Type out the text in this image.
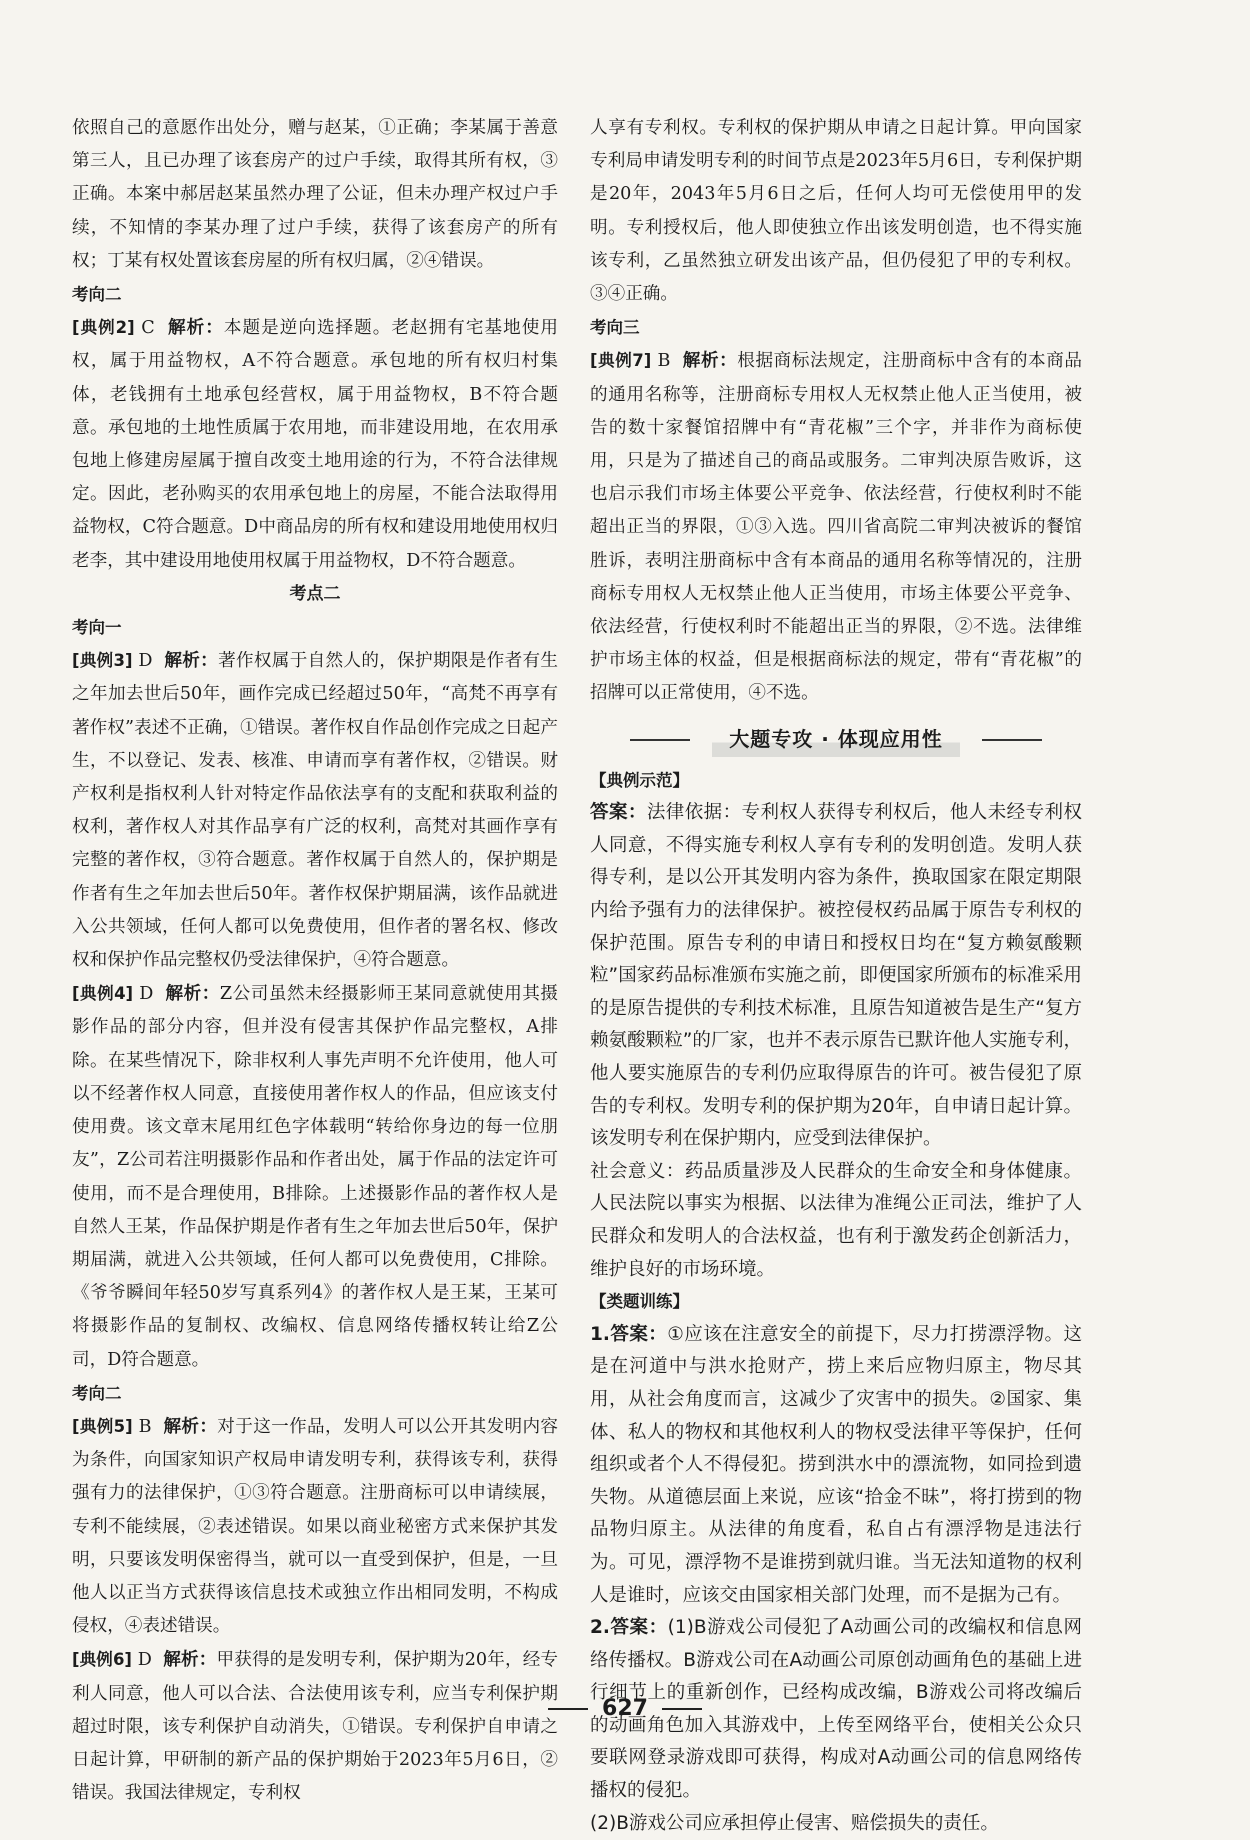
依照自己的意愿作出处分，赠与赵某，①正确；李某属于善意第三人，且已办理了该套房产的过户手续，取得其所有权，③正确。本案中郝居赵某虽然办理了公证，但未办理产权过户手续，不知情的李某办理了过户手续，获得了该套房产的所有权；丁某有权处置该套房屋的所有权归属，②④错误。

考向二

[典例2] C 解析：本题是逆向选择题。老赵拥有宅基地使用权，属于用益物权，A不符合题意。承包地的所有权归村集体，老钱拥有土地承包经营权，属于用益物权，B不符合题意。承包地的土地性质属于农用地，而非建设用地，在农用承包地上修建房屋属于擅自改变土地用途的行为，不符合法律规定。因此，老孙购买的农用承包地上的房屋，不能合法取得用益物权，C符合题意。D中商品房的所有权和建设用地使用权归老李，其中建设用地使用权属于用益物权，D不符合题意。

考点二

考向一

[典例3] D 解析：著作权属于自然人的，保护期限是作者有生之年加去世后50年，画作完成已经超过50年，“高梵不再享有著作权”表述不正确，①错误。著作权自作品创作完成之日起产生，不以登记、发表、核准、申请而享有著作权，②错误。财产权利是指权利人针对特定作品依法享有的支配和获取利益的权利，著作权人对其作品享有广泛的权利，高梵对其画作享有完整的著作权，③符合题意。著作权属于自然人的，保护期是作者有生之年加去世后50年。著作权保护期届满，该作品就进入公共领域，任何人都可以免费使用，但作者的署名权、修改权和保护作品完整权仍受法律保护，④符合题意。

[典例4] D 解析：Z公司虽然未经摄影师王某同意就使用其摄影作品的部分内容，但并没有侵害其保护作品完整权，A排除。在某些情况下，除非权利人事先声明不允许使用，他人可以不经著作权人同意，直接使用著作权人的作品，但应该支付使用费。该文章末尾用红色字体载明“转给你身边的每一位朋友”，Z公司若注明摄影作品和作者出处，属于作品的法定许可使用，而不是合理使用，B排除。上述摄影作品的著作权人是自然人王某，作品保护期是作者有生之年加去世后50年，保护期届满，就进入公共领域，任何人都可以免费使用，C排除。《爷爷瞬间年轻50岁写真系列4》的著作权人是王某，王某可将摄影作品的复制权、改编权、信息网络传播权转让给Z公司，D符合题意。

考向二

[典例5] B 解析：对于这一作品，发明人可以公开其发明内容为条件，向国家知识产权局申请发明专利，获得该专利，获得强有力的法律保护，①③符合题意。注册商标可以申请续展，专利不能续展，②表述错误。如果以商业秘密方式来保护其发明，只要该发明保密得当，就可以一直受到保护，但是，一旦他人以正当方式获得该信息技术或独立作出相同发明，不构成侵权，④表述错误。

[典例6] D 解析：甲获得的是发明专利，保护期为20年，经专利人同意，他人可以合法、合法使用该专利，应当专利保护期超过时限，该专利保护自动消失，①错误。专利保护自申请之日起计算，甲研制的新产品的保护期始于2023年5月6日，②错误。我国法律规定，专利权

人享有专利权。专利权的保护期从申请之日起计算。甲向国家专利局申请发明专利的时间节点是2023年5月6日，专利保护期是20年，2043年5月6日之后，任何人均可无偿使用甲的发明。专利授权后，他人即使独立作出该发明创造，也不得实施该专利，乙虽然独立研发出该产品，但仍侵犯了甲的专利权。③④正确。

考向三

[典例7] B 解析：根据商标法规定，注册商标中含有的本商品的通用名称等，注册商标专用权人无权禁止他人正当使用，被告的数十家餐馆招牌中有“青花椒”三个字，并非作为商标使用，只是为了描述自己的商品或服务。二审判决原告败诉，这也启示我们市场主体要公平竞争、依法经营，行使权利时不能超出正当的界限，①③入选。四川省高院二审判决被诉的餐馆胜诉，表明注册商标中含有本商品的通用名称等情况的，注册商标专用权人无权禁止他人正当使用，市场主体要公平竞争、依法经营，行使权利时不能超出正当的界限，②不选。法律维护市场主体的权益，但是根据商标法的规定，带有“青花椒”的招牌可以正常使用，④不选。

大题专攻 · 体现应用性

【典例示范】

答案：法律依据：专利权人获得专利权后，他人未经专利权人同意，不得实施专利权人享有专利的发明创造。发明人获得专利，是以公开其发明内容为条件，换取国家在限定期限内给予强有力的法律保护。被控侵权药品属于原告专利权的保护范围。原告专利的申请日和授权日均在“复方赖氨酸颗粒”国家药品标准颁布实施之前，即便国家所颁布的标准采用的是原告提供的专利技术标准，且原告知道被告是生产“复方赖氨酸颗粒”的厂家，也并不表示原告已默许他人实施专利，他人要实施原告的专利仍应取得原告的许可。被告侵犯了原告的专利权。发明专利的保护期为20年，自申请日起计算。该发明专利在保护期内，应受到法律保护。

社会意义：药品质量涉及人民群众的生命安全和身体健康。人民法院以事实为根据、以法律为准绳公正司法，维护了人民群众和发明人的合法权益，也有利于激发药企创新活力，维护良好的市场环境。

【类题训练】

1.答案：①应该在注意安全的前提下，尽力打捞漂浮物。这是在河道中与洪水抢财产，捞上来后应物归原主，物尽其用，从社会角度而言，这减少了灾害中的损失。②国家、集体、私人的物权和其他权利人的物权受法律平等保护，任何组织或者个人不得侵犯。捞到洪水中的漂流物，如同捡到遗失物。从道德层面上来说，应该“拾金不昧”，将打捞到的物品物归原主。从法律的角度看，私自占有漂浮物是违法行为。可见，漂浮物不是谁捞到就归谁。当无法知道物的权利人是谁时，应该交由国家相关部门处理，而不是据为己有。

2.答案：(1)B游戏公司侵犯了A动画公司的改编权和信息网络传播权。B游戏公司在A动画公司原创动画角色的基础上进行细节上的重新创作，已经构成改编，B游戏公司将改编后的动画角色加入其游戏中，上传至网络平台，使相关公众只要联网登录游戏即可获得，构成对A动画公司的信息网络传播权的侵犯。

(2)B游戏公司应承担停止侵害、赔偿损失的责任。

627
